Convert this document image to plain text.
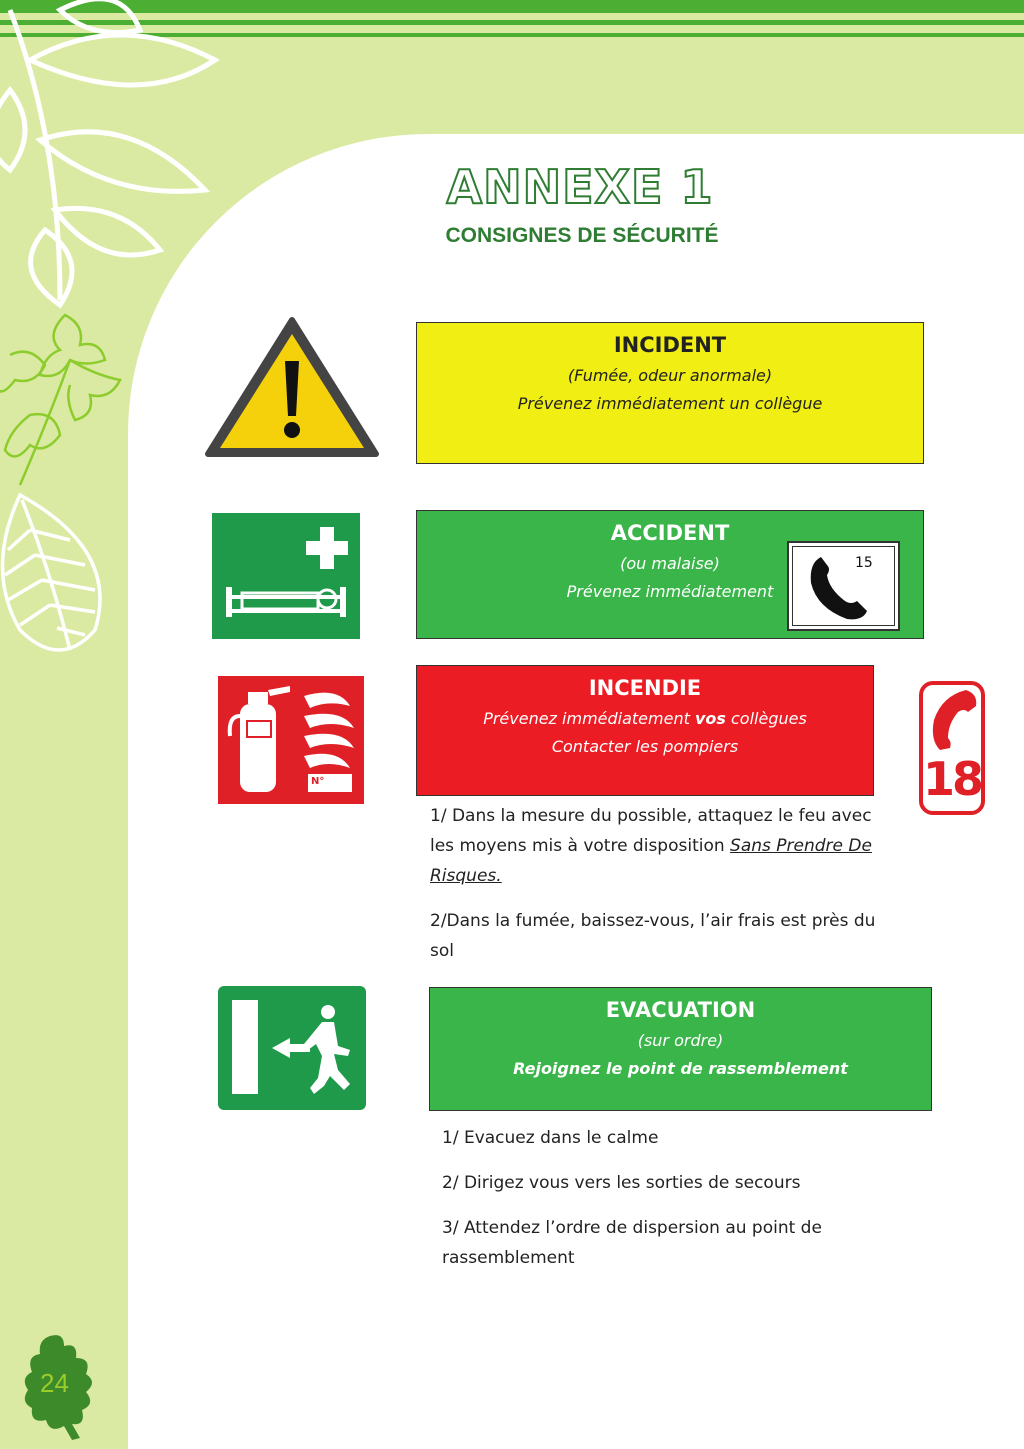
ANNEXE 1
CONSIGNES DE SÉCURITÉ
INCIDENT
(Fumée, odeur anormale)
Prévenez immédiatement un collègue
ACCIDENT
(ou malaise)
Prévenez immédiatement
15
N°
INCENDIE
Prévenez immédiatement vos collègues
Contacter les pompiers
18
1/ Dans la mesure du possible, attaquez le feu avec les moyens mis à votre disposition Sans Prendre De Risques.
2/Dans la fumée, baissez-vous, l’air frais est près du sol
EVACUATION
(sur ordre)
Rejoignez le point de rassemblement
1/ Evacuez dans le calme
2/ Dirigez vous vers les sorties de secours
3/ Attendez l’ordre de dispersion au point de rassemblement
24
